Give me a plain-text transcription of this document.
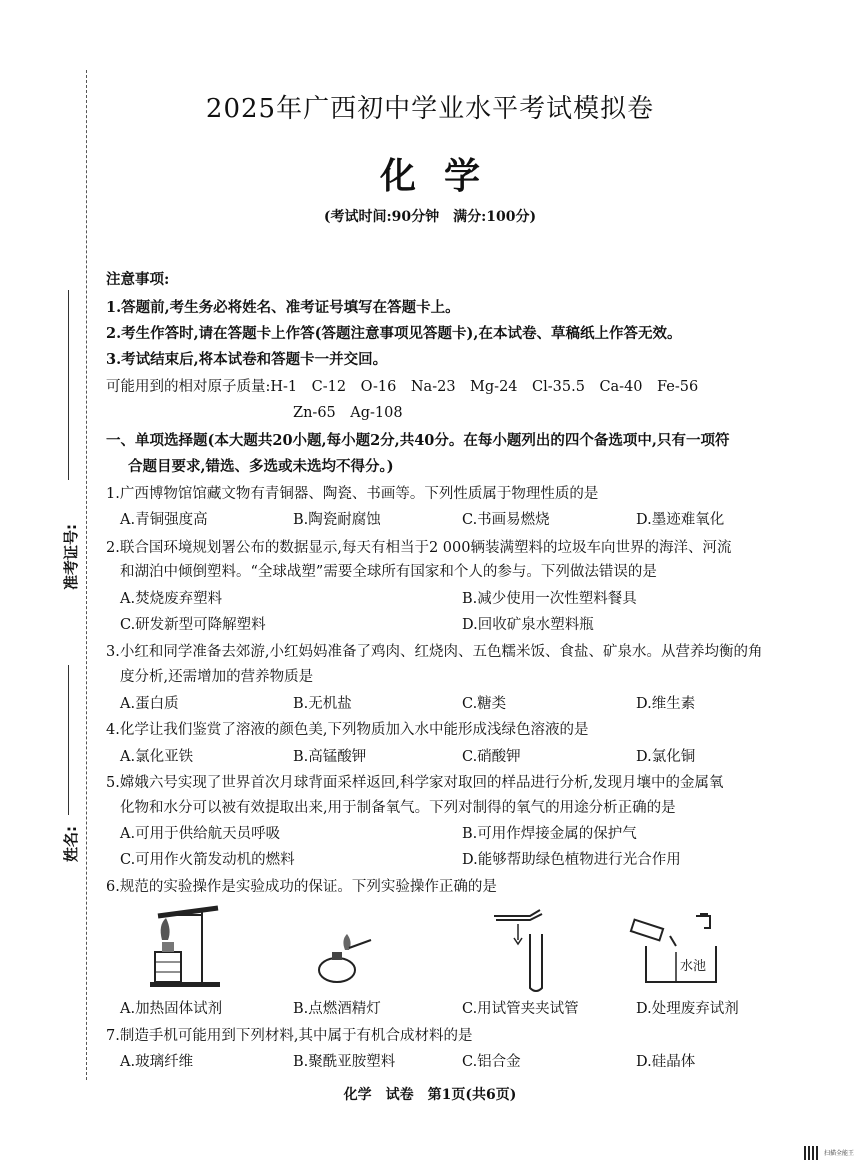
准考证号:
姓名:
2025年广西初中学业水平考试模拟卷
化学
(考试时间:90分钟　满分:100分)
注意事项:
1.答题前,考生务必将姓名、准考证号填写在答题卡上。
2.考生作答时,请在答题卡上作答(答题注意事项见答题卡),在本试卷、草稿纸上作答无效。
3.考试结束后,将本试卷和答题卡一并交回。
可能用到的相对原子质量:H-1　C-12　O-16　Na-23　Mg-24　Cl-35.5　Ca-40　Fe-56
Zn-65　Ag-108
一、单项选择题(本大题共20小题,每小题2分,共40分。在每小题列出的四个备选项中,只有一项符
合题目要求,错选、多选或未选均不得分。)
1.广西博物馆馆藏文物有青铜器、陶瓷、书画等。下列性质属于物理性质的是
A.青铜强度高	B.陶瓷耐腐蚀	C.书画易燃烧	D.墨迹难氧化
2.联合国环境规划署公布的数据显示,每天有相当于2 000辆装满塑料的垃圾车向世界的海洋、河流
和湖泊中倾倒塑料。“全球战塑”需要全球所有国家和个人的参与。下列做法错误的是
A.焚烧废弃塑料	B.减少使用一次性塑料餐具
C.研发新型可降解塑料	D.回收矿泉水塑料瓶
3.小红和同学准备去郊游,小红妈妈准备了鸡肉、红烧肉、五色糯米饭、食盐、矿泉水。从营养均衡的角
度分析,还需增加的营养物质是
A.蛋白质	B.无机盐	C.糖类	D.维生素
4.化学让我们鉴赏了溶液的颜色美,下列物质加入水中能形成浅绿色溶液的是
A.氯化亚铁	B.高锰酸钾	C.硝酸钾	D.氯化铜
5.嫦娥六号实现了世界首次月球背面采样返回,科学家对取回的样品进行分析,发现月壤中的金属氧
化物和水分可以被有效提取出来,用于制备氧气。下列对制得的氧气的用途分析正确的是
A.可用于供给航天员呼吸	B.可用作焊接金属的保护气
C.可用作火箭发动机的燃料	D.能够帮助绿色植物进行光合作用
6.规范的实验操作是实验成功的保证。下列实验操作正确的是
水池
A.加热固体试剂	B.点燃酒精灯	C.用试管夹夹试管	D.处理废弃试剂
7.制造手机可能用到下列材料,其中属于有机合成材料的是
A.玻璃纤维	B.聚酰亚胺塑料	C.铝合金	D.硅晶体
化学　试卷　第1页(共6页)
扫描全能王
